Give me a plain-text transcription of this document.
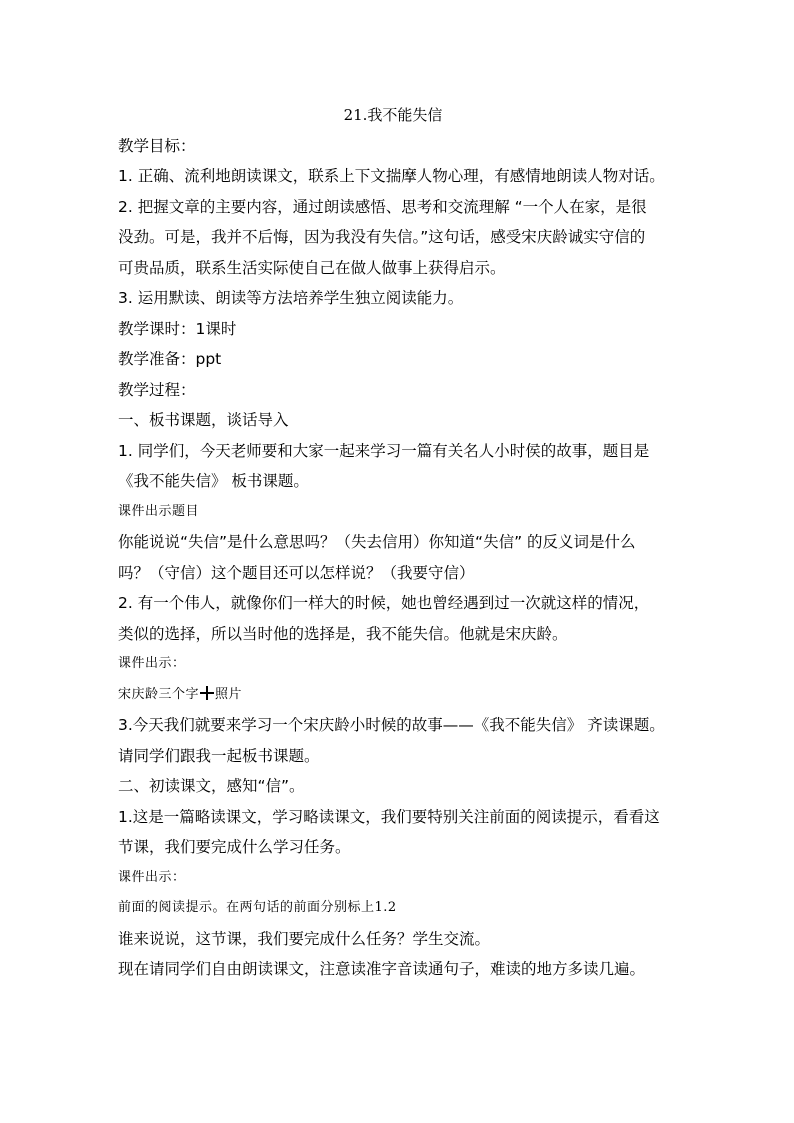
21.我不能失信
教学目标：
1. 正确、流利地朗读课文，联系上下文揣摩人物心理，有感情地朗读人物对话。
2. 把握文章的主要内容，通过朗读感悟、思考和交流理解 “一个人在家，是很
没劲。可是，我并不后悔，因为我没有失信。”这句话，感受宋庆龄诚实守信的
可贵品质，联系生活实际使自己在做人做事上获得启示。
3. 运用默读、朗读等方法培养学生独立阅读能力。
教学课时：1课时
教学准备：ppt
教学过程：
一、板书课题，谈话导入
1. 同学们，今天老师要和大家一起来学习一篇有关名人小时侯的故事，题目是
《我不能失信》 板书课题。
课件出示题目
你能说说“失信”是什么意思吗？（失去信用）你知道“失信” 的反义词是什么
吗？（守信）这个题目还可以怎样说？（我要守信）
2. 有一个伟人，就像你们一样大的时候，她也曾经遇到过一次就这样的情况，
类似的选择，所以当时他的选择是，我不能失信。他就是宋庆龄。
课件出示：
宋庆龄三个字 照片
3.今天我们就要来学习一个宋庆龄小时候的故事——《我不能失信》 齐读课题。
请同学们跟我一起板书课题。
二、初读课文，感知“信”。
1.这是一篇略读课文，学习略读课文，我们要特别关注前面的阅读提示，看看这
节课，我们要完成什么学习任务。
课件出示：
前面的阅读提示。在两句话的前面分别标上1.2
谁来说说，这节课，我们要完成什么任务？学生交流。
现在请同学们自由朗读课文，注意读准字音读通句子，难读的地方多读几遍。
